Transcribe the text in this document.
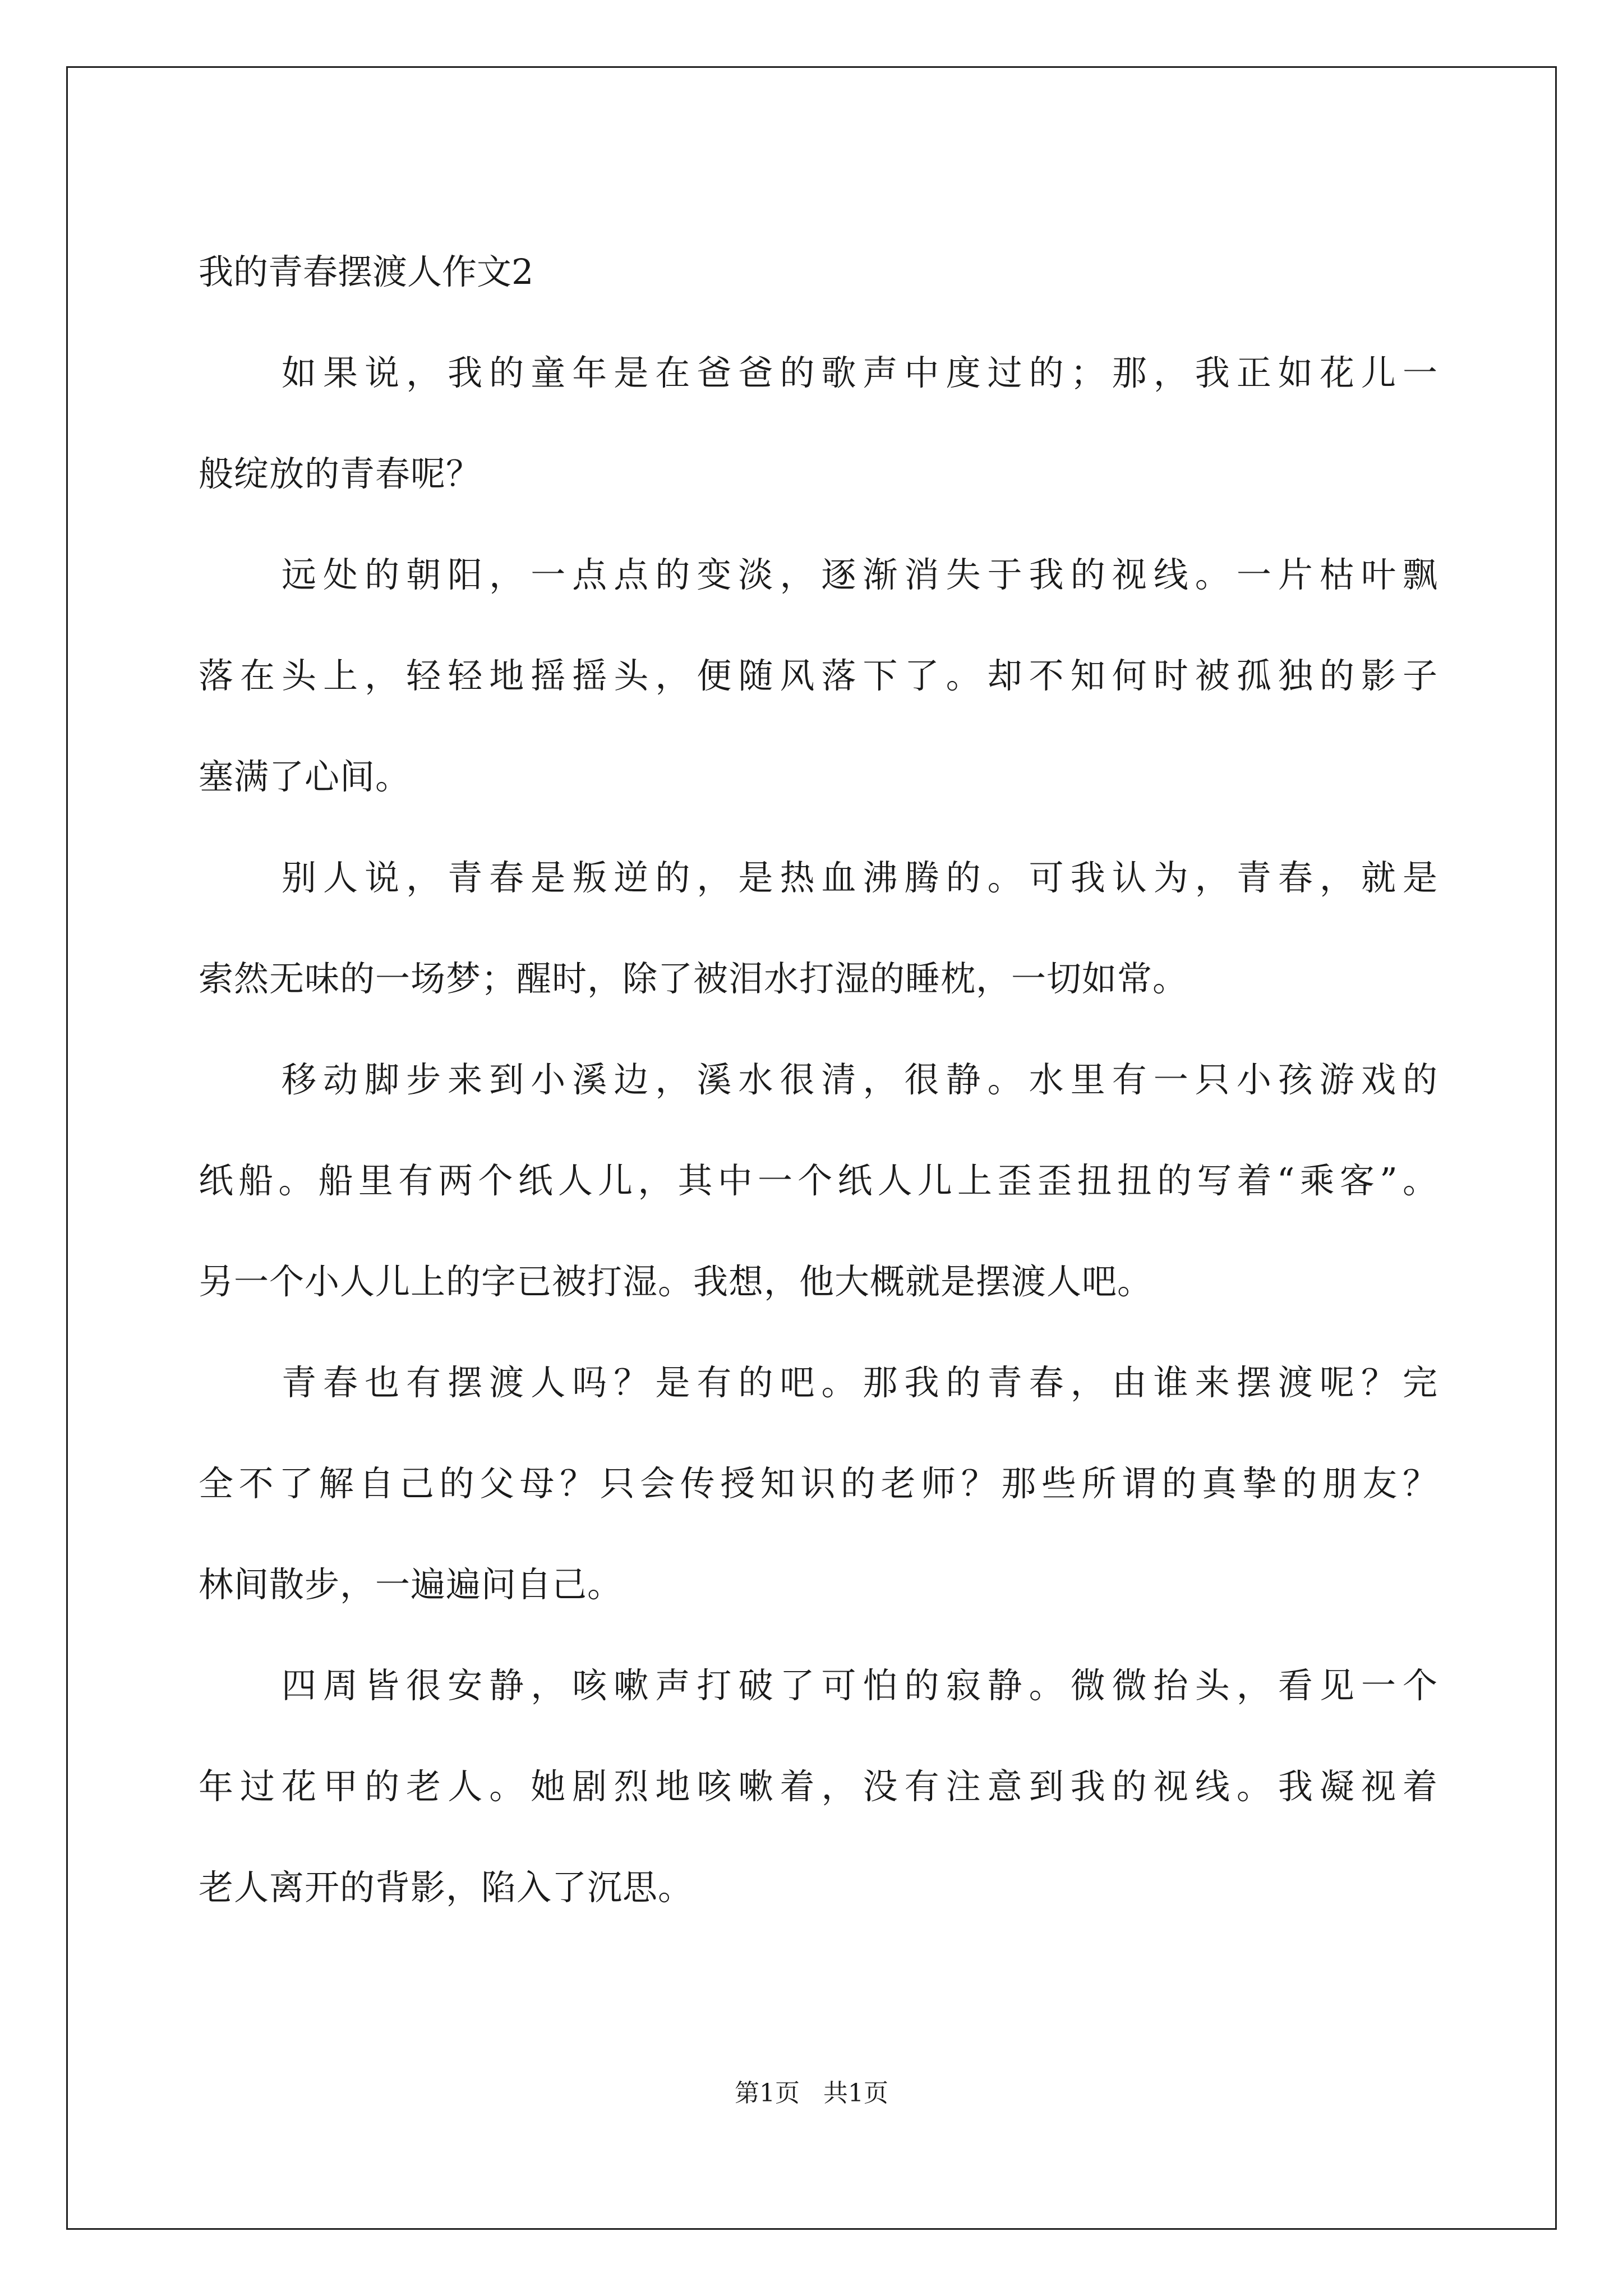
我的青春摆渡人作文2
如果说，我的童年是在爸爸的歌声中度过的；那，我正如花儿一
般绽放的青春呢？
远处的朝阳，一点点的变淡，逐渐消失于我的视线。一片枯叶飘
落在头上，轻轻地摇摇头，便随风落下了。却不知何时被孤独的影子
塞满了心间。
别人说，青春是叛逆的，是热血沸腾的。可我认为，青春，就是
索然无味的一场梦；醒时，除了被泪水打湿的睡枕，一切如常。
移动脚步来到小溪边，溪水很清，很静。水里有一只小孩游戏的
纸船。船里有两个纸人儿，其中一个纸人儿上歪歪扭扭的写着“乘客”。
另一个小人儿上的字已被打湿。我想，他大概就是摆渡人吧。
青春也有摆渡人吗？是有的吧。那我的青春，由谁来摆渡呢？完
全不了解自己的父母？只会传授知识的老师？那些所谓的真挚的朋友？
林间散步，一遍遍问自己。
四周皆很安静，咳嗽声打破了可怕的寂静。微微抬头，看见一个
年过花甲的老人。她剧烈地咳嗽着，没有注意到我的视线。我凝视着
老人离开的背影，陷入了沉思。
第1页 共1页
